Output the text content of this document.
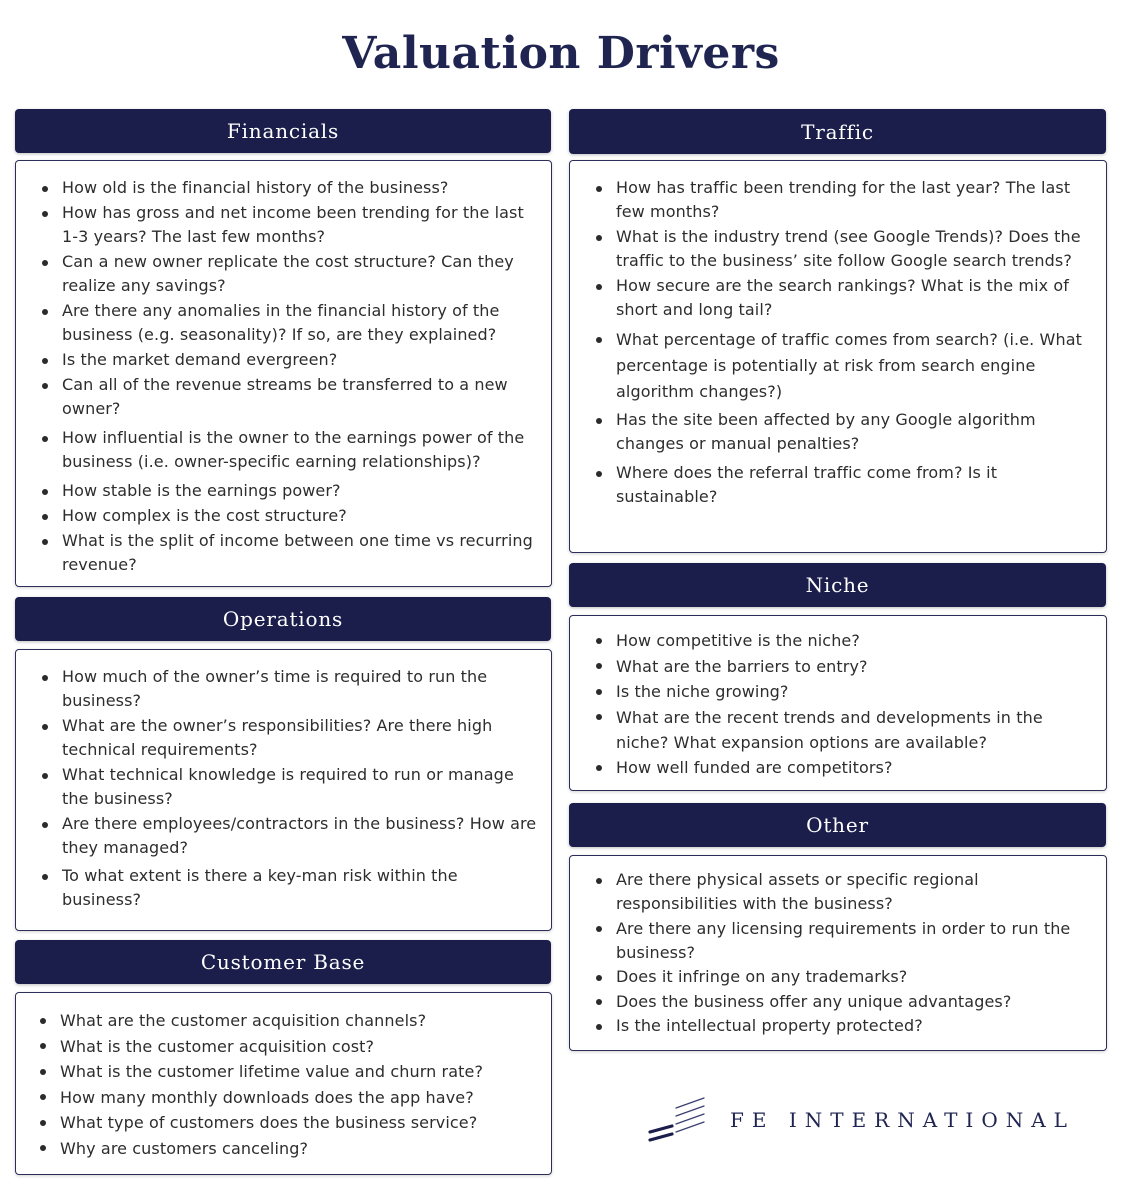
Valuation Drivers
Financials
How old is the financial history of the business?
How has gross and net income been trending for the last 1-3 years? The last few months?
Can a new owner replicate the cost structure? Can they realize any savings?
Are there any anomalies in the financial history of the business (e.g. seasonality)? If so, are they explained?
Is the market demand evergreen?
Can all of the revenue streams be transferred to a new owner?
How influential is the owner to the earnings power of the business (i.e. owner-specific earning relationships)?
How stable is the earnings power?
How complex is the cost structure?
What is the split of income between one time vs recurring revenue?
Operations
How much of the owner’s time is required to run the business?
What are the owner’s responsibilities? Are there high technical requirements?
What technical knowledge is required to run or manage the business?
Are there employees/contractors in the business? How are they managed?
To what extent is there a key-man risk within the business?
Customer Base
What are the customer acquisition channels?
What is the customer acquisition cost?
What is the customer lifetime value and churn rate?
How many monthly downloads does the app have?
What type of customers does the business service?
Why are customers canceling?
Traffic
How has traffic been trending for the last year? The last few months?
What is the industry trend (see Google Trends)? Does the traffic to the business’ site follow Google search trends?
How secure are the search rankings? What is the mix of short and long tail?
What percentage of traffic comes from search? (i.e. What percentage is potentially at risk from search engine algorithm changes?)
Has the site been affected by any Google algorithm changes or manual penalties?
Where does the referral traffic come from? Is it sustainable?
Niche
How competitive is the niche?
What are the barriers to entry?
Is the niche growing?
What are the recent trends and developments in the niche? What expansion options are available?
How well funded are competitors?
Other
Are there physical assets or specific regional responsibilities with the business?
Are there any licensing requirements in order to run the business?
Does it infringe on any trademarks?
Does the business offer any unique advantages?
Is the intellectual property protected?
FE INTERNATIONAL
